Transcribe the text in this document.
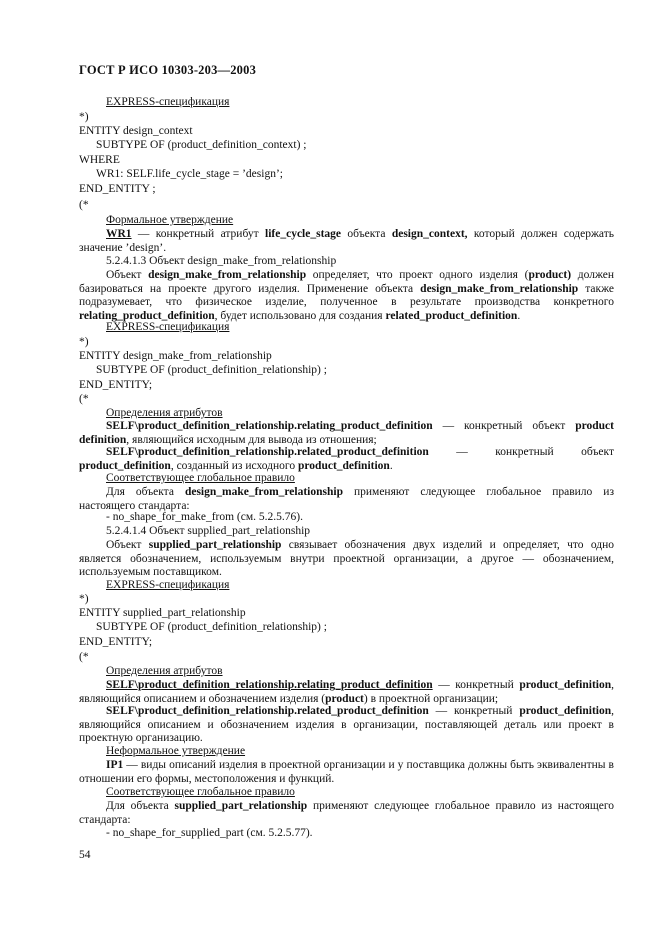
ГОСТ Р ИСО 10303-203—2003
EXPRESS-спецификация
*)
ENTITY design_context
SUBTYPE OF (product_definition_context) ;
WHERE
WR1: SELF.life_cycle_stage = ’design’;
END_ENTITY ;
(*
Формальное утверждение

WR1 — конкретный атрибут life_cycle_stage объекта design_context, который должен содержать значение ’design’.

5.2.4.1.3 Объект design_make_from_relationship

Объект design_make_from_relationship определяет, что проект одного изделия (product) должен базироваться на проекте другого изделия. Применение объекта design_make_from_relationship также подразумевает, что физическое изделие, полученное в результате производства конкретного relating_product_definition, будет использовано для создания related_product_definition.

EXPRESS-спецификация
*)
ENTITY design_make_from_relationship
SUBTYPE OF (product_definition_relationship) ;
END_ENTITY;
(*
Определения атрибутов

SELF\product_definition_relationship.relating_product_definition — конкретный объект product definition, являющийся исходным для вывода из отношения;

SELF\product_definition_relationship.related_product_definition — конкретный объект product_definition, созданный из исходного product_definition.

Соответствующее глобальное правило

Для объекта design_make_from_relationship применяют следующее глобальное правило из настоящего стандарта:

- no_shape_for_make_from (см. 5.2.5.76).
5.2.4.1.4 Объект supplied_part_relationship

Объект supplied_part_relationship связывает обозначения двух изделий и определяет, что одно является обозначением, используемым внутри проектной организации, а другое — обозначением, используемым поставщиком.

EXPRESS-спецификация
*)
ENTITY supplied_part_relationship
SUBTYPE OF (product_definition_relationship) ;
END_ENTITY;
(*
Определения атрибутов

SELF\product_definition_relationship.relating_product_definition — конкретный product_definition, являющийся описанием и обозначением изделия (product) в проектной организации;

SELF\product_definition_relationship.related_product_definition — конкретный product_definition, являющийся описанием и обозначением изделия в организации, поставляющей деталь или проект в проектную организацию.

Неформальное утверждение

IP1 — виды описаний изделия в проектной организации и у поставщика должны быть эквивалентны в отношении его формы, местоположения и функций.

Соответствующее глобальное правило

Для объекта supplied_part_relationship применяют следующее глобальное правило из настоящего стандарта:

- no_shape_for_supplied_part (см. 5.2.5.77).
54
